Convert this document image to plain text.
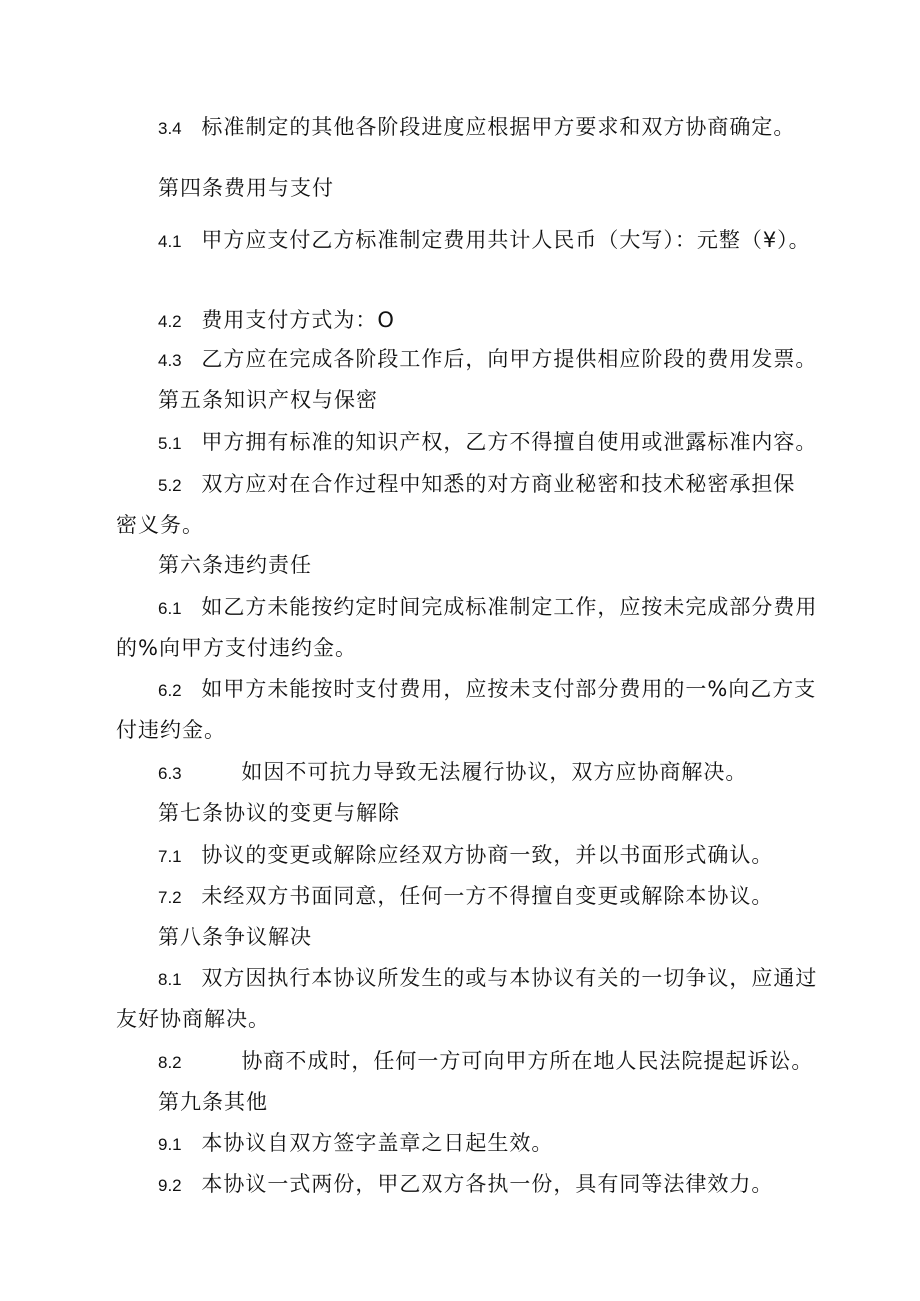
3.4 标准制定的其他各阶段进度应根据甲方要求和双方协商确定。
第四条费用与支付
4.1 甲方应支付乙方标准制定费用共计人民币（大写）：元整（¥）。
4.2 费用支付方式为：O
4.3 乙方应在完成各阶段工作后，向甲方提供相应阶段的费用发票。
第五条知识产权与保密
5.1 甲方拥有标准的知识产权，乙方不得擅自使用或泄露标准内容。
5.2 双方应对在合作过程中知悉的对方商业秘密和技术秘密承担保
密义务。
第六条违约责任
6.1 如乙方未能按约定时间完成标准制定工作，应按未完成部分费用
的%向甲方支付违约金。
6.2 如甲方未能按时支付费用，应按未支付部分费用的一%向乙方支
付违约金。
6.3	如因不可抗力导致无法履行协议，双方应协商解决。
第七条协议的变更与解除
7.1 协议的变更或解除应经双方协商一致，并以书面形式确认。
7.2 未经双方书面同意，任何一方不得擅自变更或解除本协议。
第八条争议解决
8.1 双方因执行本协议所发生的或与本协议有关的一切争议，应通过
友好协商解决。
8.2	协商不成时，任何一方可向甲方所在地人民法院提起诉讼。
第九条其他
9.1 本协议自双方签字盖章之日起生效。
9.2 本协议一式两份，甲乙双方各执一份，具有同等法律效力。
